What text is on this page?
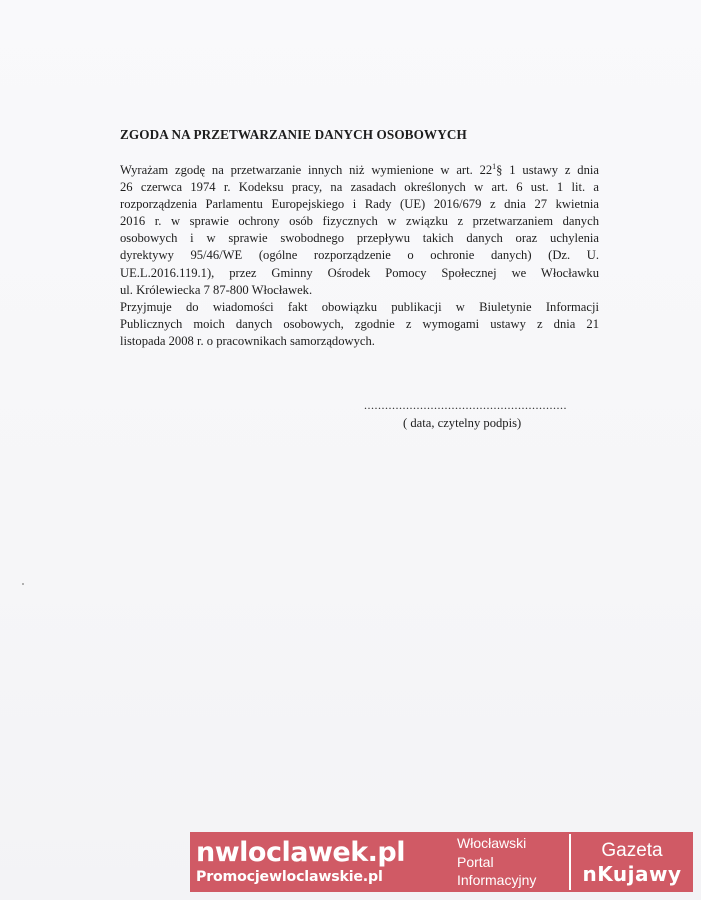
ZGODA NA PRZETWARZANIE DANYCH OSOBOWYCH
Wyrażam zgodę na przetwarzanie innych niż wymienione w art. $22^1\S$ 1 ustawy z dnia
26 czerwca 1974 r. Kodeksu pracy, na zasadach określonych w art. 6 ust. 1 lit. a
rozporządzenia Parlamentu Europejskiego i Rady (UE) 2016/679 z dnia 27 kwietnia
2016 r. w sprawie ochrony osób fizycznych w związku z przetwarzaniem danych
osobowych i w sprawie swobodnego przepływu takich danych oraz uchylenia
dyrektywy 95/46/WE (ogólne rozporządzenie o ochronie danych) (Dz. U.
UE.L.2016.119.1), przez Gminny Ośrodek Pomocy Społecznej we Włocławku
ul. Królewiecka 7 87-800 Włocławek.
Przyjmuje do wiadomości fakt obowiązku publikacji w Biuletynie Informacji
Publicznych moich danych osobowych, zgodnie z wymogami ustawy z dnia 21
listopada 2008 r. o pracownikach samorządowych.
..........................................................
( data, czytelny podpis)
nwloclawek.pl
Promocjewloclawskie.pl
Włocławski
Portal
Informacyjny
Gazeta
nKujawy
